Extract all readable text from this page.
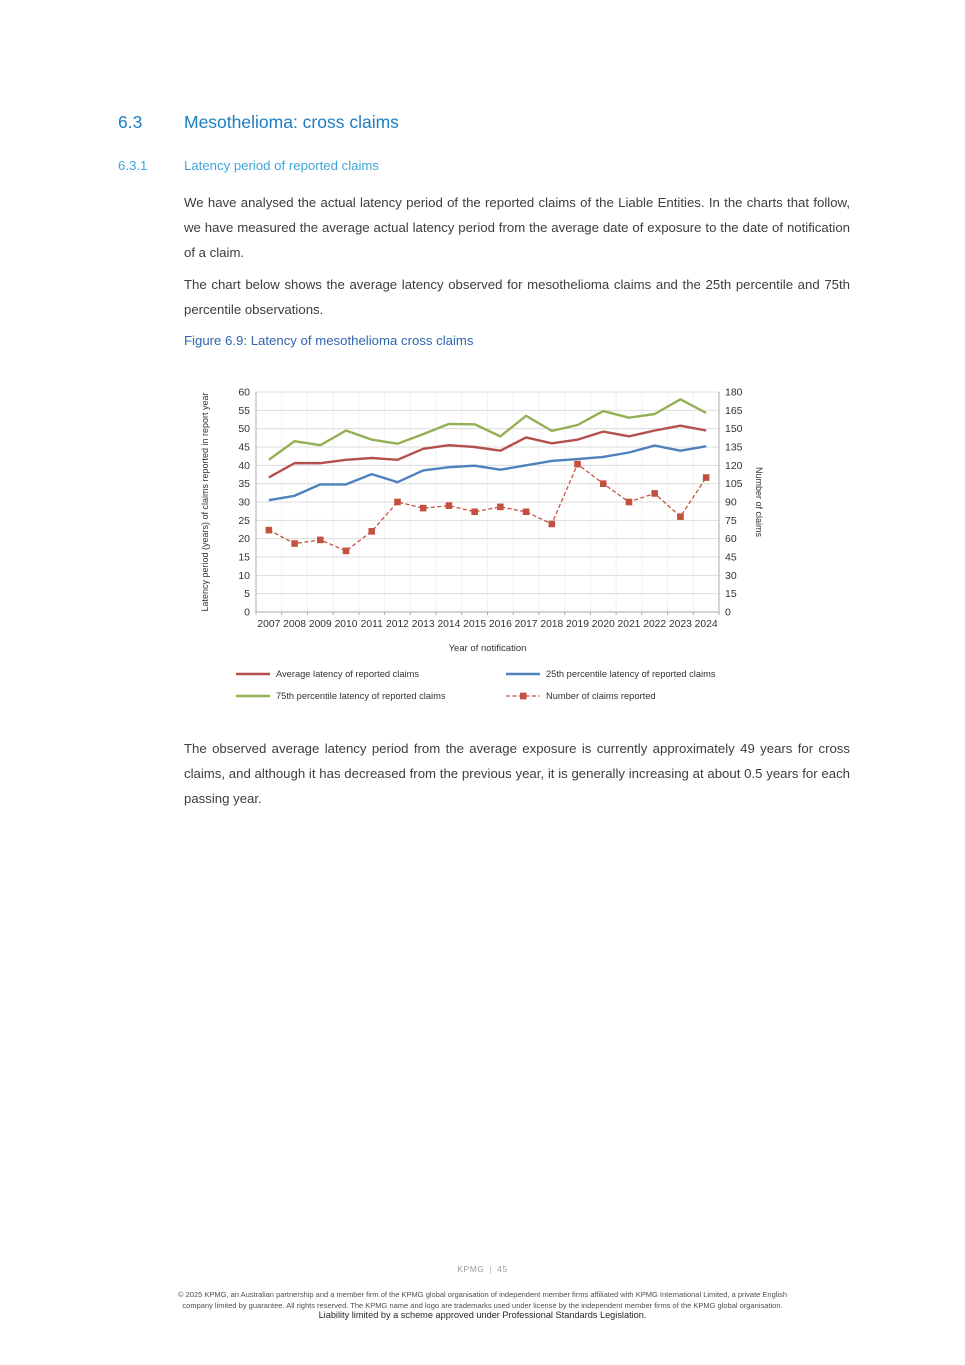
6.3 Mesothelioma: cross claims
6.3.1	Latency period of reported claims
We have analysed the actual latency period of the reported claims of the Liable Entities. In the charts that follow, we have measured the average actual latency period from the average date of exposure to the date of notification of a claim.
The chart below shows the average latency observed for mesothelioma claims and the 25th percentile and 75th percentile observations.
Figure 6.9: Latency of mesothelioma cross claims
0
5
10
15
20
25
30
35
40
45
50
55
60
0
15
30
45
60
75
90
105
120
135
150
165
180
2007 2008 2009 2010 2011 2012 2013 2014 2015 2016 2017 2018 2019 2020 2021 2022 2023 2024
Year of notification
Latency period (years) of claims reported in report year	Number of claims
Average latency of reported claims	25th percentile latency of reported claims
75th percentile latency of reported claims	Number of claims reported
The observed average latency period from the average exposure is currently approximately 49 years for cross claims, and although it has decreased from the previous year, it is generally increasing at about 0.5 years for each passing year.
KPMG | 45
© 2025 KPMG, an Australian partnership and a member firm of the KPMG global organisation of independent member firms affiliated with KPMG International Limited, a private English
company limited by guarantee. All rights reserved. The KPMG name and logo are trademarks used under license by the independent member firms of the KPMG global organisation.
Liability limited by a scheme approved under Professional Standards Legislation.
